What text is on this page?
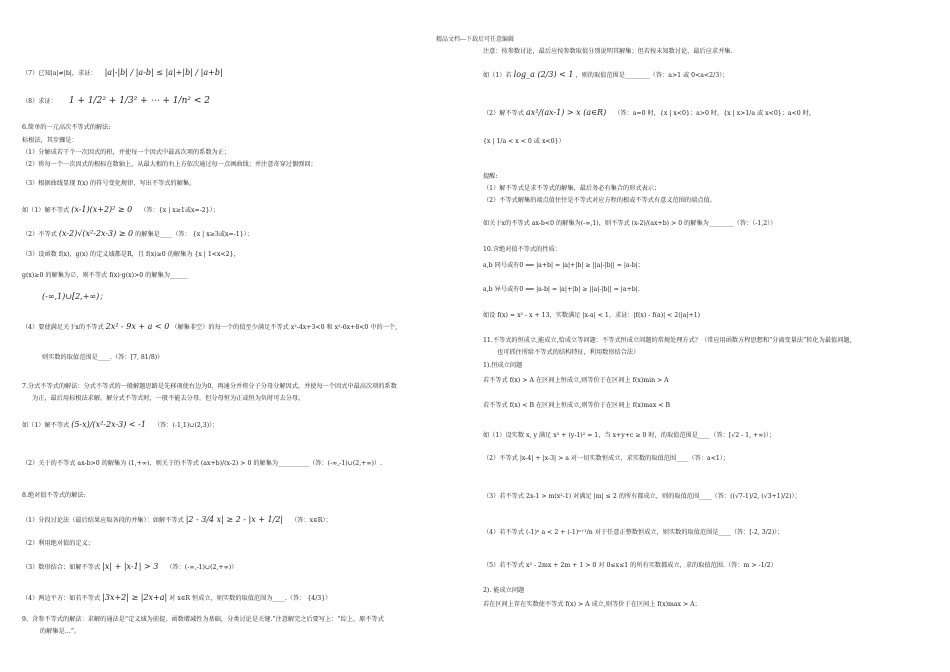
精品文档---下载后可任意编辑
（7）已知|a|≠|b|，求证： |a|-|b| / |a-b| ≤ |a|+|b| / |a+b|
（8）求证： 1 + 1/2² + 1/3² + ⋯ + 1/n² < 2
6.简单的一元高次不等式的解法:
标根法，其步骤是：
（1）分解成若干个一次因式的积，并使每一个因式中最高次项的系数为正；
（2）将每一个一次因式的根标在数轴上，从最大根的右上方依次通过每一点画曲线；并注意奇穿过偶弹回；
（3）根据曲线显现 f(x) 的符号变化规律，写出不等式的解集。
如（1）解不等式 (x-1)(x+2)² ≥ 0 （答：{x | x≥1或x=-2}）；
（2）不等式 (x-2)√(x²-2x-3) ≥ 0 的解集是____（答： {x | x≥3或x=-1}）；
（3）设函数 f(x)，g(x) 的定义域都是R，且 f(x)≥0 的解集为 {x | 1<x<2}，
g(x)≥0 的解集为∅，则不等式 f(x)·g(x)>0 的解集为______
(-∞,1)∪[2,+∞)；
（4）要使满足关于x的不等式 2x² - 9x + a < 0 （解集非空）的每一个的值至少满足不等式 x²-4x+3<0 和 x²-6x+8<0 中的一个,
则实数的取值范围是____.（答：[7, 81/8)）
7.分式不等式的解法：分式不等式的一般解题思路是先移项使右边为0，再通分并将分子分母分解因式，并使每一个因式中最高次项的系数
为正，最后用标根法求解。解分式不等式时，一般不能去分母，但分母恒为正或恒为负时可去分母。
如（1）解不等式 (5-x)/(x²-2x-3) < -1 （答：(-1,1)∪(2,3)）；
（2）关于的不等式 ax-b>0 的解集为 (1,+∞)，则关于的不等式 (ax+b)/(x-2) > 0 的解集为__________（答：(-∞,-1)∪(2,+∞)）.
8.绝对值不等式的解法:
（1）分段讨论法（最后结果应取各段的并集）：如解不等式 |2 - 3/4 x| ≥ 2 - |x + 1/2| （答：x∈R）；
（2）利用绝对值的定义；
（3）数形结合；如解不等式 |x| + |x-1| > 3 （答：(-∞,-1)∪(2,+∞)）
（4）两边平方：如若不等式 |3x+2| ≥ |2x+a| 对 x∈R 恒成立，则实数的取值范围为____.（答： {4/3}）
9、含参不等式的解法：求解的通法是“定义域为前提，函数增减性为基础，分类讨论是关键.”注意解完之后要写上：“综上，原不等式
的解集是…”。
注意：按参数讨论，最后应按参数取值分别说明其解集；但若按未知数讨论，最后应求并集.
如（1）若 log_a (2/3) < 1 ，则的取值范围是________（答：a>1 或 0<a<2/3）；
（2）解不等式 ax²/(ax-1) > x (a∈R) （答：a=0 时，{x | x<0}；a>0 时，{x | x>1/a 或 x<0}；a<0 时，
{x | 1/a < x < 0 或 x<0}）
提醒:
（1）解不等式是求不等式的解集，最后务必有集合的形式表示；
（2）不等式解集的端点值往往是不等式对应方程的根或不等式有意义范围的端点值。
如关于x的不等式 ax-b<0 的解集为(-∞,1)，则不等式 (x-2)/(ax+b) > 0 的解集为________（答：（-1,2））
10.含绝对值不等式的性质：
a,b 同号或有0 ⟺ |a+b| = |a|+|b| ≥ ||a|-|b|| = |a-b|；
a,b 异号或有0 ⟺ |a-b| = |a|+|b| ≥ ||a|-|b|| = |a+b|.
如设 f(x) = x² - x + 13，实数满足 |x-a| < 1，求证：|f(x) - f(a)| < 2(|a|+1)
11.不等式的恒成立,能成立,恰成立等问题：不等式恒成立问题的常规处理方式？（常应用函数方程思想和“分离变量法”转化为最值问题,
也可抓住所给不等式的结构特征，利用数形结合法）
1).恒成立问题
若不等式 f(x) > A 在区间上恒成立,则等价于在区间上 f(x)min > A
若不等式 f(x) < B 在区间上恒成立,则等价于在区间上 f(x)max < B
如（1）设实数 x, y 满足 x² + (y-1)² = 1，当 x+y+c ≥ 0 时，的取值范围是____（答：[√2 - 1, +∞)）；
（2）不等式 |x-4| + |x-3| > a 对一切实数恒成立，求实数的取值范围____（答：a<1）；
（3）若不等式 2x-1 > m(x²-1) 对满足 |m| ≤ 2 的所有都成立，则的取值范围____（答：((√7-1)/2, (√3+1)/2)）；
（4）若不等式 (-1)ⁿ a < 2 + (-1)ⁿ⁺¹/n 对于任意正整数恒成立，则实数的取值范围是____（答：[-2, 3/2)）；
（5）若不等式 x² - 2mx + 2m + 1 > 0 对 0≤x≤1 的所有实数都成立，求的取值范围.（答：m > -1/2）
2). 能成立问题
若在区间上存在实数使不等式 f(x) > A 成立,则等价于在区间上 f(x)max > A；
